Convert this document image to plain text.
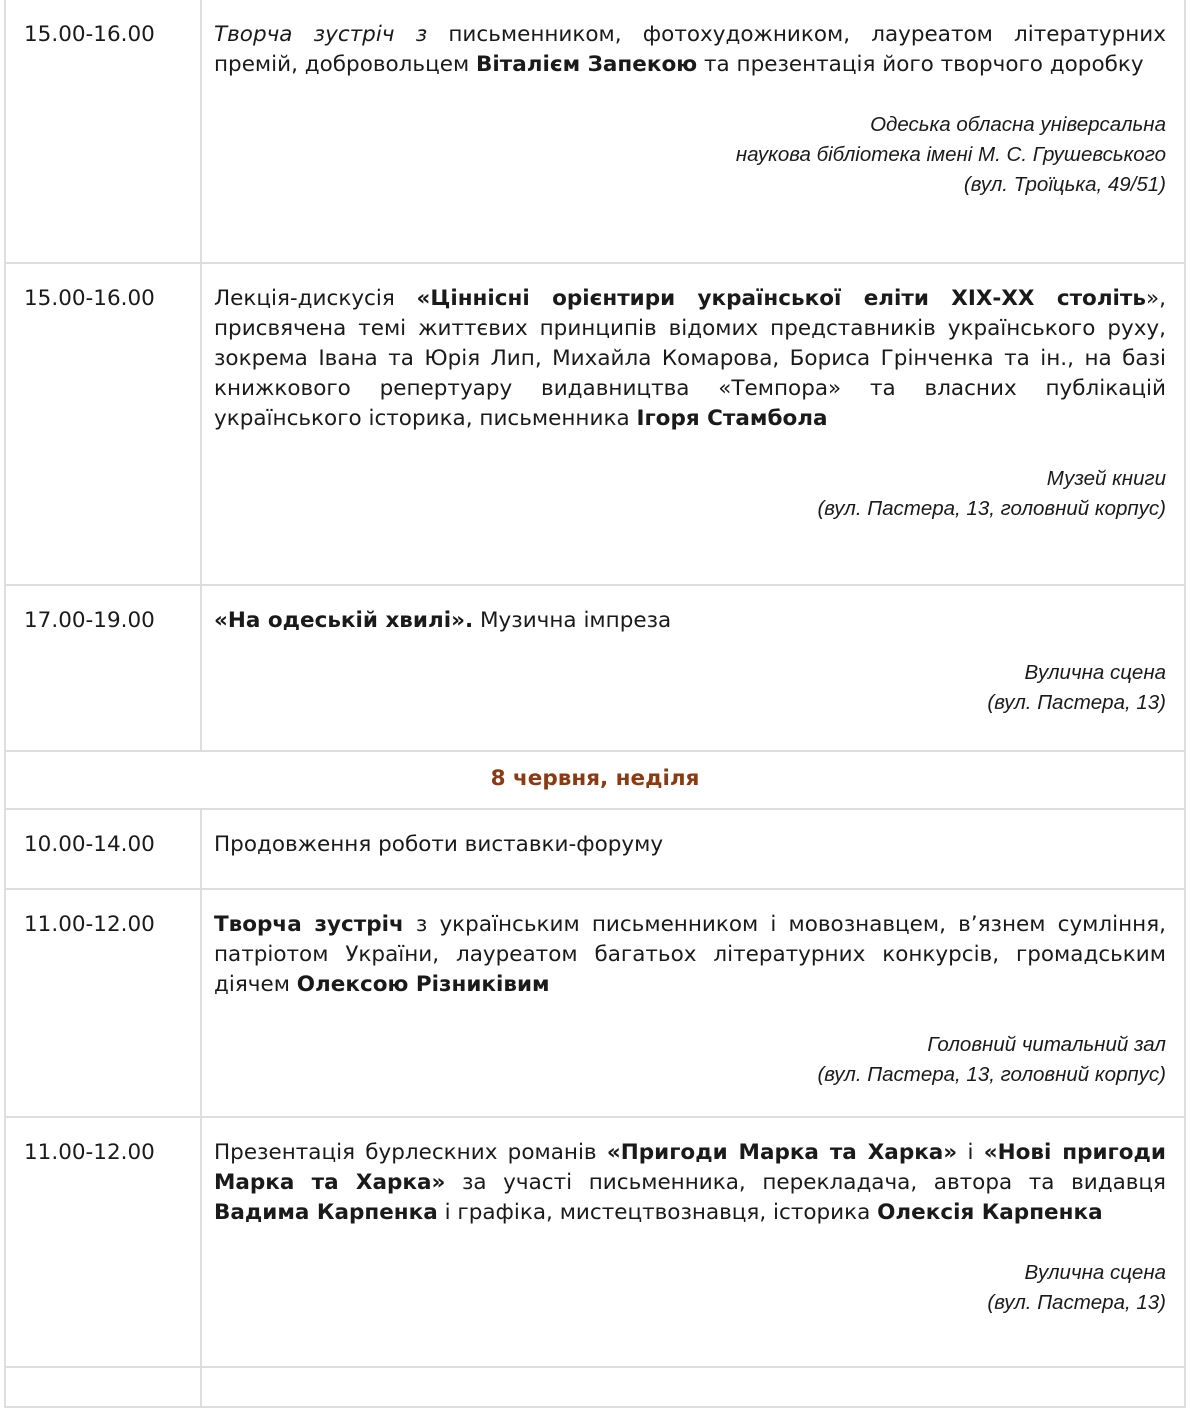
15.00-16.00	Творча зустріч з письменником, фотохудожником, лауреатом літературних премій, добровольцем Віталієм Запекою та презентація його творчого доробку
Одеська обласна універсальна
наукова бібліотека імені М. С. Грушевського
(вул. Троїцька, 49/51)

15.00-16.00	Лекція-дискусія «Ціннісні орієнтири української еліти ХІХ-ХХ століть», присвячена темі життєвих принципів відомих представників українського руху, зокрема Івана та Юрія Лип, Михайла Комарова, Бориса Грінченка та ін., на базі книжкового репертуару видавництва «Темпора» та власних публікацій українського історика, письменника Ігоря Стамбола
Музей книги
(вул. Пастера, 13, головний корпус)

17.00-19.00	«На одеській хвилі». Музична імпреза
Вулична сцена
(вул. Пастера, 13)

8 червня, неділя	
10.00-14.00	Продовження роботи виставки-форуму

11.00-12.00	Творча зустріч з українським письменником і мовознавцем, в’язнем сумління, патріотом України, лауреатом багатьох літературних конкурсів, громадським діячем Олексою Різниківим
Головний читальний зал
(вул. Пастера, 13, головний корпус)

11.00-12.00	Презентація бурлескних романів «Пригоди Марка та Харка» і «Нові пригоди Марка та Харка» за участі письменника, перекладача, автора та видавця Вадима Карпенка і графіка, мистецтвознавця, історика Олексія Карпенка
Вулична сцена
(вул. Пастера, 13)
